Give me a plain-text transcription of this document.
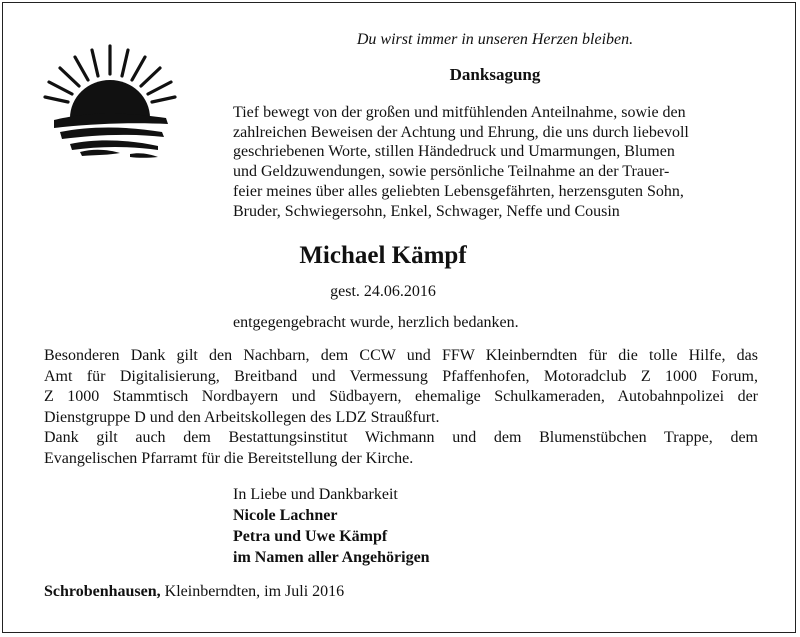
Du wirst immer in unseren Herzen bleiben.
Danksagung
Tief bewegt von der großen und mitfühlenden Anteilnahme, sowie den
zahlreichen Beweisen der Achtung und Ehrung, die uns durch liebevoll
geschriebenen Worte, stillen Händedruck und Umarmungen, Blumen
und Geldzuwendungen, sowie persönliche Teilnahme an der Trauer-
feier meines über alles geliebten Lebensgefährten, herzensguten Sohn,
Bruder, Schwiegersohn, Enkel, Schwager, Neffe und Cousin
Michael Kämpf
gest. 24.06.2016
entgegengebracht wurde, herzlich bedanken.
Besonderen Dank gilt den Nachbarn, dem CCW und FFW Kleinberndten für die tolle Hilfe, das
Amt für Digitalisierung, Breitband und Vermessung Pfaffenhofen, Motoradclub Z 1000 Forum,
Z 1000 Stammtisch Nordbayern und Südbayern, ehemalige Schulkameraden, Autobahnpolizei der
Dienstgruppe D und den Arbeitskollegen des LDZ Straußfurt.
Dank gilt auch dem Bestattungsinstitut Wichmann und dem Blumenstübchen Trappe, dem
Evangelischen Pfarramt für die Bereitstellung der Kirche.
In Liebe und Dankbarkeit
Nicole Lachner
Petra und Uwe Kämpf
im Namen aller Angehörigen
Schrobenhausen, Kleinberndten, im Juli 2016
